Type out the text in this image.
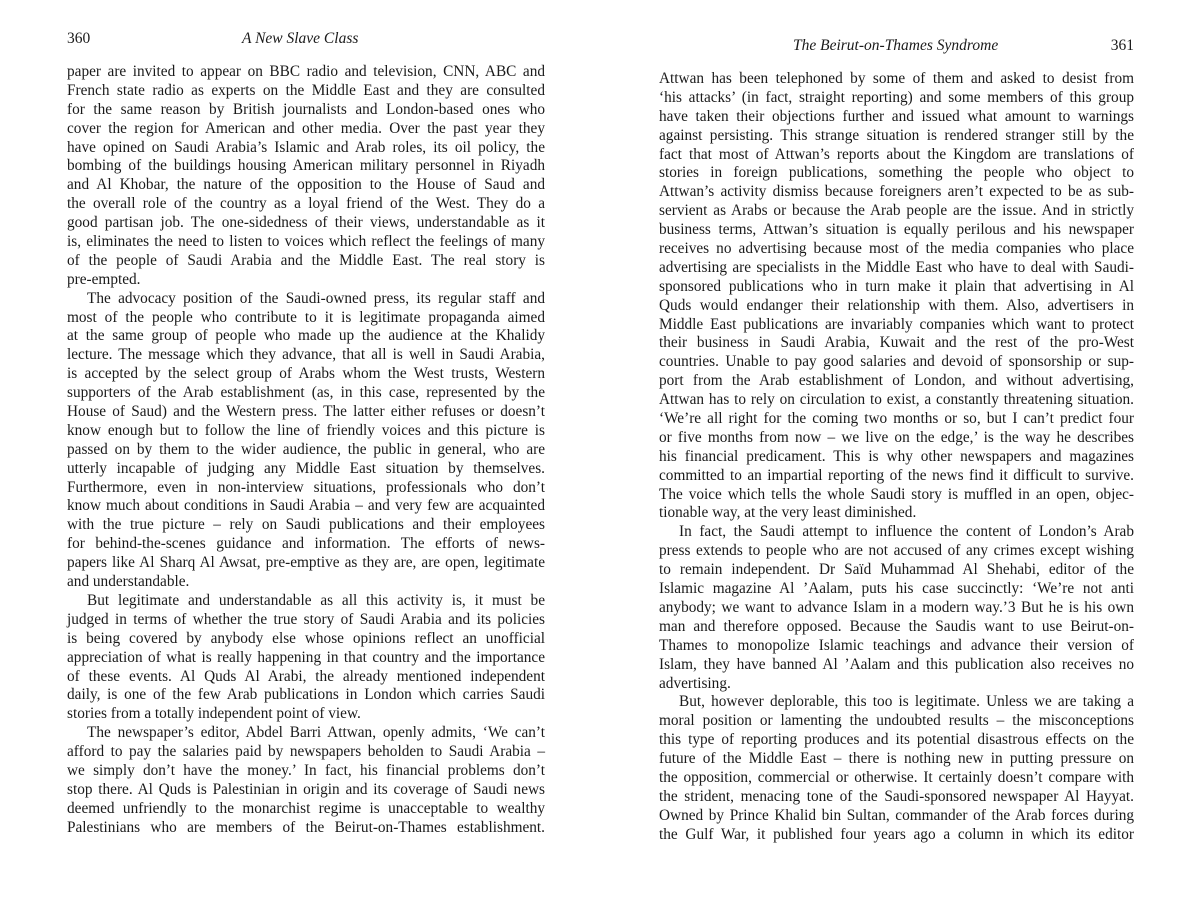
360	A New Slave Class
paper are invited to appear on BBC radio and television, CNN, ABC and
French state radio as experts on the Middle East and they are consulted
for the same reason by British journalists and London-based ones who
cover the region for American and other media. Over the past year they
have opined on Saudi Arabia’s Islamic and Arab roles, its oil policy, the
bombing of the buildings housing American military personnel in Riyadh
and Al Khobar, the nature of the opposition to the House of Saud and
the overall role of the country as a loyal friend of the West. They do a
good partisan job. The one-sidedness of their views, understandable as it
is, eliminates the need to listen to voices which reflect the feelings of many
of the people of Saudi Arabia and the Middle East. The real story is
pre-empted.
The advocacy position of the Saudi-owned press, its regular staff and
most of the people who contribute to it is legitimate propaganda aimed
at the same group of people who made up the audience at the Khalidy
lecture. The message which they advance, that all is well in Saudi Arabia,
is accepted by the select group of Arabs whom the West trusts, Western
supporters of the Arab establishment (as, in this case, represented by the
House of Saud) and the Western press. The latter either refuses or doesn’t
know enough but to follow the line of friendly voices and this picture is
passed on by them to the wider audience, the public in general, who are
utterly incapable of judging any Middle East situation by themselves.
Furthermore, even in non-interview situations, professionals who don’t
know much about conditions in Saudi Arabia – and very few are acquainted
with the true picture – rely on Saudi publications and their employees
for behind-the-scenes guidance and information. The efforts of news-
papers like Al Sharq Al Awsat, pre-emptive as they are, are open, legitimate
and understandable.
But legitimate and understandable as all this activity is, it must be
judged in terms of whether the true story of Saudi Arabia and its policies
is being covered by anybody else whose opinions reflect an unofficial
appreciation of what is really happening in that country and the importance
of these events. Al Quds Al Arabi, the already mentioned independent
daily, is one of the few Arab publications in London which carries Saudi
stories from a totally independent point of view.
The newspaper’s editor, Abdel Barri Attwan, openly admits, ‘We can’t
afford to pay the salaries paid by newspapers beholden to Saudi Arabia –
we simply don’t have the money.’ In fact, his financial problems don’t
stop there. Al Quds is Palestinian in origin and its coverage of Saudi news
deemed unfriendly to the monarchist regime is unacceptable to wealthy
Palestinians who are members of the Beirut-on-Thames establishment.
The Beirut-on-Thames Syndrome	361
Attwan has been telephoned by some of them and asked to desist from
‘his attacks’ (in fact, straight reporting) and some members of this group
have taken their objections further and issued what amount to warnings
against persisting. This strange situation is rendered stranger still by the
fact that most of Attwan’s reports about the Kingdom are translations of
stories in foreign publications, something the people who object to
Attwan’s activity dismiss because foreigners aren’t expected to be as sub-
servient as Arabs or because the Arab people are the issue. And in strictly
business terms, Attwan’s situation is equally perilous and his newspaper
receives no advertising because most of the media companies who place
advertising are specialists in the Middle East who have to deal with Saudi-
sponsored publications who in turn make it plain that advertising in Al
Quds would endanger their relationship with them. Also, advertisers in
Middle East publications are invariably companies which want to protect
their business in Saudi Arabia, Kuwait and the rest of the pro-West
countries. Unable to pay good salaries and devoid of sponsorship or sup-
port from the Arab establishment of London, and without advertising,
Attwan has to rely on circulation to exist, a constantly threatening situation.
‘We’re all right for the coming two months or so, but I can’t predict four
or five months from now – we live on the edge,’ is the way he describes
his financial predicament. This is why other newspapers and magazines
committed to an impartial reporting of the news find it difficult to survive.
The voice which tells the whole Saudi story is muffled in an open, objec-
tionable way, at the very least diminished.
In fact, the Saudi attempt to influence the content of London’s Arab
press extends to people who are not accused of any crimes except wishing
to remain independent. Dr Saïd Muhammad Al Shehabi, editor of the
Islamic magazine Al ’Aalam, puts his case succinctly: ‘We’re not anti
anybody; we want to advance Islam in a modern way.’3 But he is his own
man and therefore opposed. Because the Saudis want to use Beirut-on-
Thames to monopolize Islamic teachings and advance their version of
Islam, they have banned Al ’Aalam and this publication also receives no
advertising.
But, however deplorable, this too is legitimate. Unless we are taking a
moral position or lamenting the undoubted results – the misconceptions
this type of reporting produces and its potential disastrous effects on the
future of the Middle East – there is nothing new in putting pressure on
the opposition, commercial or otherwise. It certainly doesn’t compare with
the strident, menacing tone of the Saudi-sponsored newspaper Al Hayyat.
Owned by Prince Khalid bin Sultan, commander of the Arab forces during
the Gulf War, it published four years ago a column in which its editor
